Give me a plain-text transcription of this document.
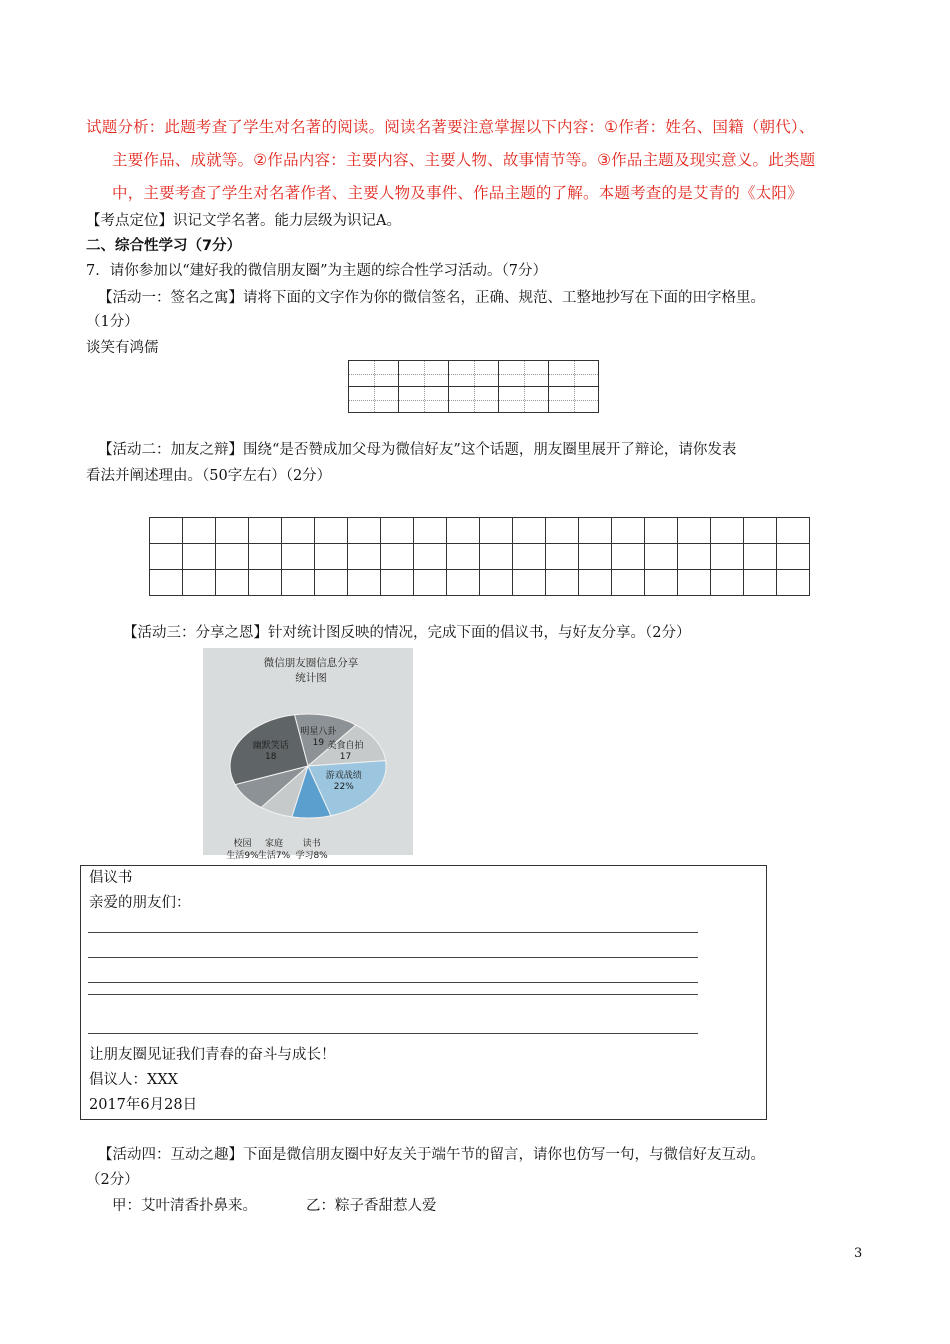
试题分析：此题考查了学生对名著的阅读。阅读名著要注意掌握以下内容：①作者：姓名、国籍（朝代）、
主要作品、成就等。②作品内容：主要内容、主要人物、故事情节等。③作品主题及现实意义。此类题
中，主要考查了学生对名著作者、主要人物及事件、作品主题的了解。本题考查的是艾青的《太阳》
【考点定位】识记文学名著。能力层级为识记A。
二、综合性学习（7分）
7．请你参加以“建好我的微信朋友圈”为主题的综合性学习活动。（7分）
【活动一：签名之寓】请将下面的文字作为你的微信签名，正确、规范、工整地抄写在下面的田字格里。
（1分）
谈笑有鸿儒

【活动二：加友之辩】围绕“是否赞成加父母为微信好友”这个话题，朋友圈里展开了辩论，请你发表
看法并阐述理由。（50字左右）（2分）

【活动三：分享之恩】针对统计图反映的情况，完成下面的倡议书，与好友分享。（2分）
微信朋友圈信息分享
统计图
明星八卦
19 美食自拍
17
游戏战绩
22%
读书
学习8%
家庭
生活7%
校园
生活9%
幽默笑话
18
倡议书
亲爱的朋友们：
让朋友圈见证我们青春的奋斗与成长！
倡议人：XXX
2017年6月28日
【活动四：互动之趣】下面是微信朋友圈中好友关于端午节的留言，请你也仿写一句，与微信好友互动。
（2分）
甲：艾叶清香扑鼻来。	乙：粽子香甜惹人爱
3
